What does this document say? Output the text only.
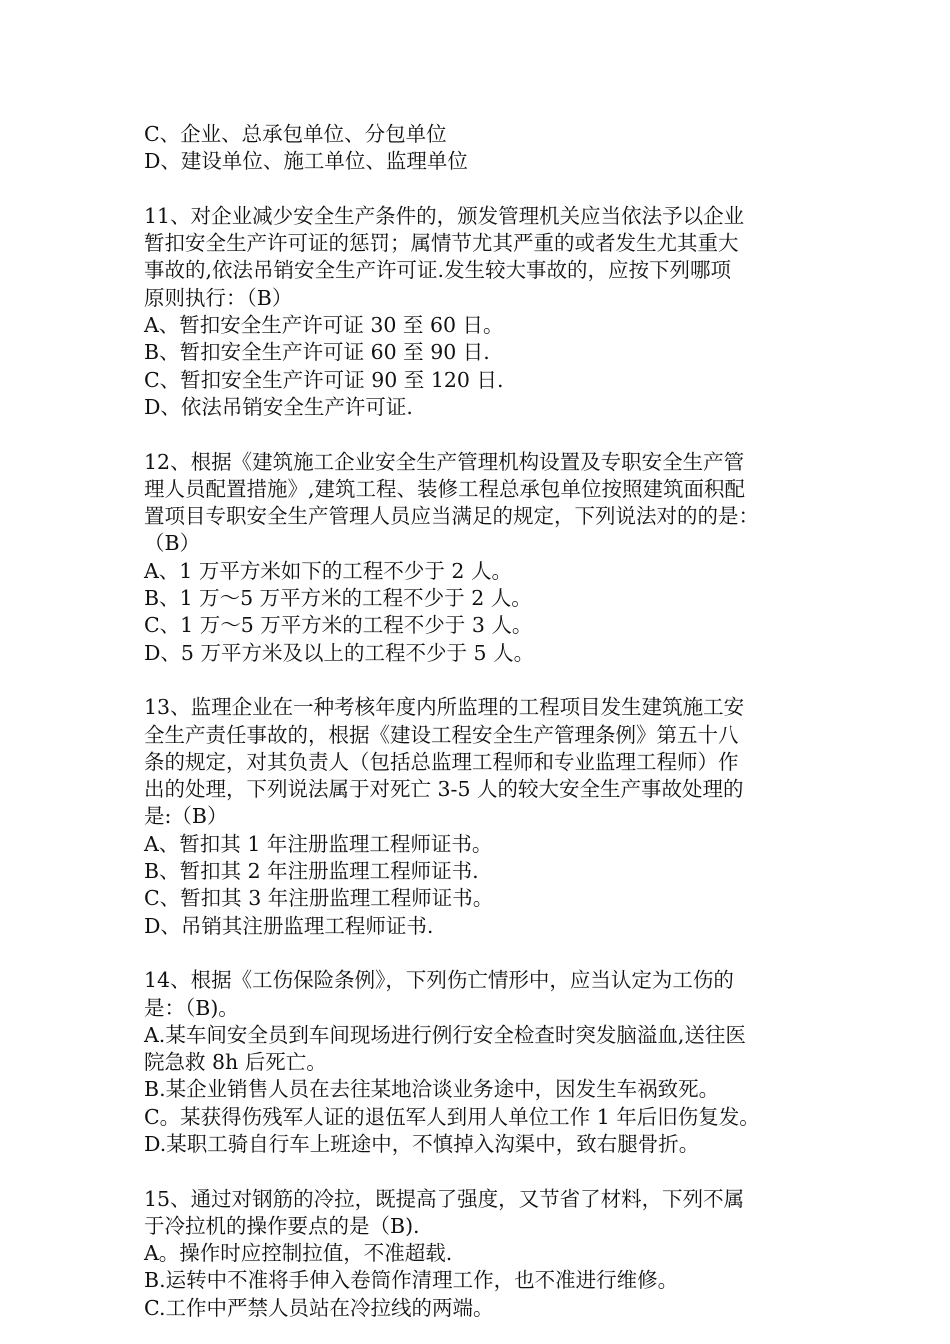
C、企业、总承包单位、分包单位
D、建设单位、施工单位、监理单位
11、对企业减少安全生产条件的，颁发管理机关应当依法予以企业
暂扣安全生产许可证的惩罚；属情节尤其严重的或者发生尤其重大
事故的,依法吊销安全生产许可证.发生较大事故的，应按下列哪项
原则执行：（B）
A、暂扣安全生产许可证 30 至 60 日。
B、暂扣安全生产许可证 60 至 90 日.
C、暂扣安全生产许可证 90 至 120 日.
D、依法吊销安全生产许可证.
12、根据《建筑施工企业安全生产管理机构设置及专职安全生产管
理人员配置措施》,建筑工程、装修工程总承包单位按照建筑面积配
置项目专职安全生产管理人员应当满足的规定，下列说法对的的是：
（B）
A、1 万平方米如下的工程不少于 2 人。
B、1 万～5 万平方米的工程不少于 2 人。
C、1 万～5 万平方米的工程不少于 3 人。
D、5 万平方米及以上的工程不少于 5 人。
13、监理企业在一种考核年度内所监理的工程项目发生建筑施工安
全生产责任事故的，根据《建设工程安全生产管理条例》第五十八
条的规定，对其负责人（包括总监理工程师和专业监理工程师）作
出的处理，下列说法属于对死亡 3-5 人的较大安全生产事故处理的
是:（B）
A、暂扣其 1 年注册监理工程师证书。
B、暂扣其 2 年注册监理工程师证书.
C、暂扣其 3 年注册监理工程师证书。
D、吊销其注册监理工程师证书.
14、根据《工伤保险条例》，下列伤亡情形中，应当认定为工伤的
是：（B)。
A.某车间安全员到车间现场进行例行安全检查时突发脑溢血,送往医
院急救 8h 后死亡。
B.某企业销售人员在去往某地洽谈业务途中，因发生车祸致死。
C。某获得伤残军人证的退伍军人到用人单位工作 1 年后旧伤复发。
D.某职工骑自行车上班途中，不慎掉入沟渠中，致右腿骨折。
15、通过对钢筋的冷拉，既提高了强度，又节省了材料，下列不属
于冷拉机的操作要点的是（B).
A。操作时应控制拉值，不准超载.
B.运转中不准将手伸入卷筒作清理工作，也不准进行维修。
C.工作中严禁人员站在冷拉线的两端。
